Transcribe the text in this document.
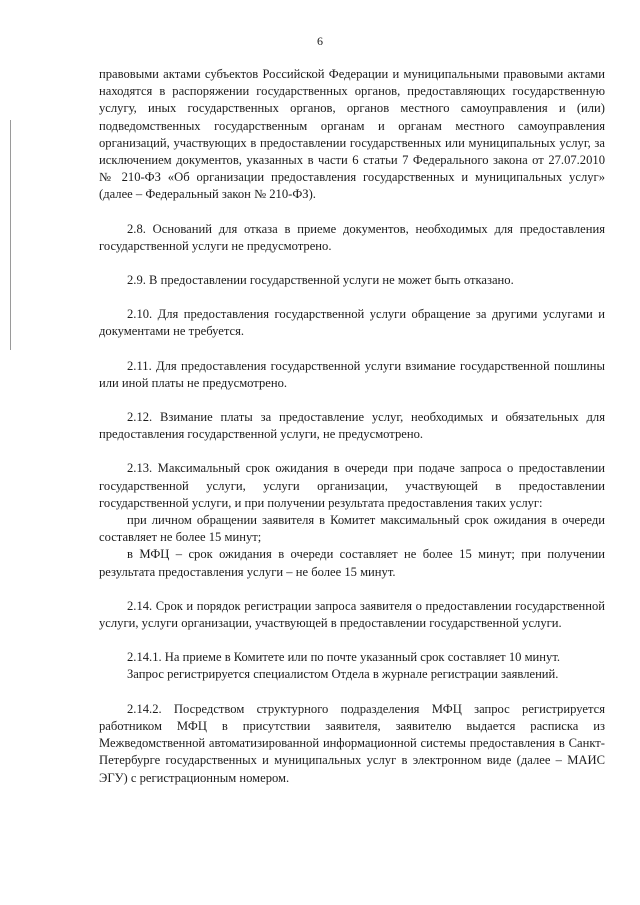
6

правовыми актами субъектов Российской Федерации и муниципальными правовыми актами находятся в распоряжении государственных органов, предоставляющих государственную услугу, иных государственных органов, органов местного самоуправления и (или) подведомственных государственным органам и органам местного самоуправления организаций, участвующих в предоставлении государственных или муниципальных услуг, за исключением документов, указанных в части 6 статьи 7 Федерального закона от 27.07.2010 № 210-ФЗ «Об организации предоставления государственных и муниципальных услуг» (далее – Федеральный закон № 210-ФЗ).

2.8. Оснований для отказа в приеме документов, необходимых для предоставления государственной услуги не предусмотрено.

2.9. В предоставлении государственной услуги не может быть отказано.

2.10. Для предоставления государственной услуги обращение за другими услугами и документами не требуется.

2.11. Для предоставления государственной услуги взимание государственной пошлины или иной платы не предусмотрено.

2.12. Взимание платы за предоставление услуг, необходимых и обязательных для предоставления государственной услуги, не предусмотрено.

2.13. Максимальный срок ожидания в очереди при подаче запроса о предоставлении государственной услуги, услуги организации, участвующей в предоставлении государственной услуги, и при получении результата предоставления таких услуг:

при личном обращении заявителя в Комитет максимальный срок ожидания в очереди составляет не более 15 минут;

в МФЦ – срок ожидания в очереди составляет не более 15 минут; при получении результата предоставления услуги – не более 15 минут.

2.14. Срок и порядок регистрации запроса заявителя о предоставлении государственной услуги, услуги организации, участвующей в предоставлении государственной услуги.

2.14.1. На приеме в Комитете или по почте указанный срок составляет 10 минут.

Запрос регистрируется специалистом Отдела в журнале регистрации заявлений.

2.14.2. Посредством структурного подразделения МФЦ запрос регистрируется работником МФЦ в присутствии заявителя, заявителю выдается расписка из Межведомственной автоматизированной информационной системы предоставления в Санкт-Петербурге государственных и муниципальных услуг в электронном виде (далее – МАИС ЭГУ) с регистрационным номером.
